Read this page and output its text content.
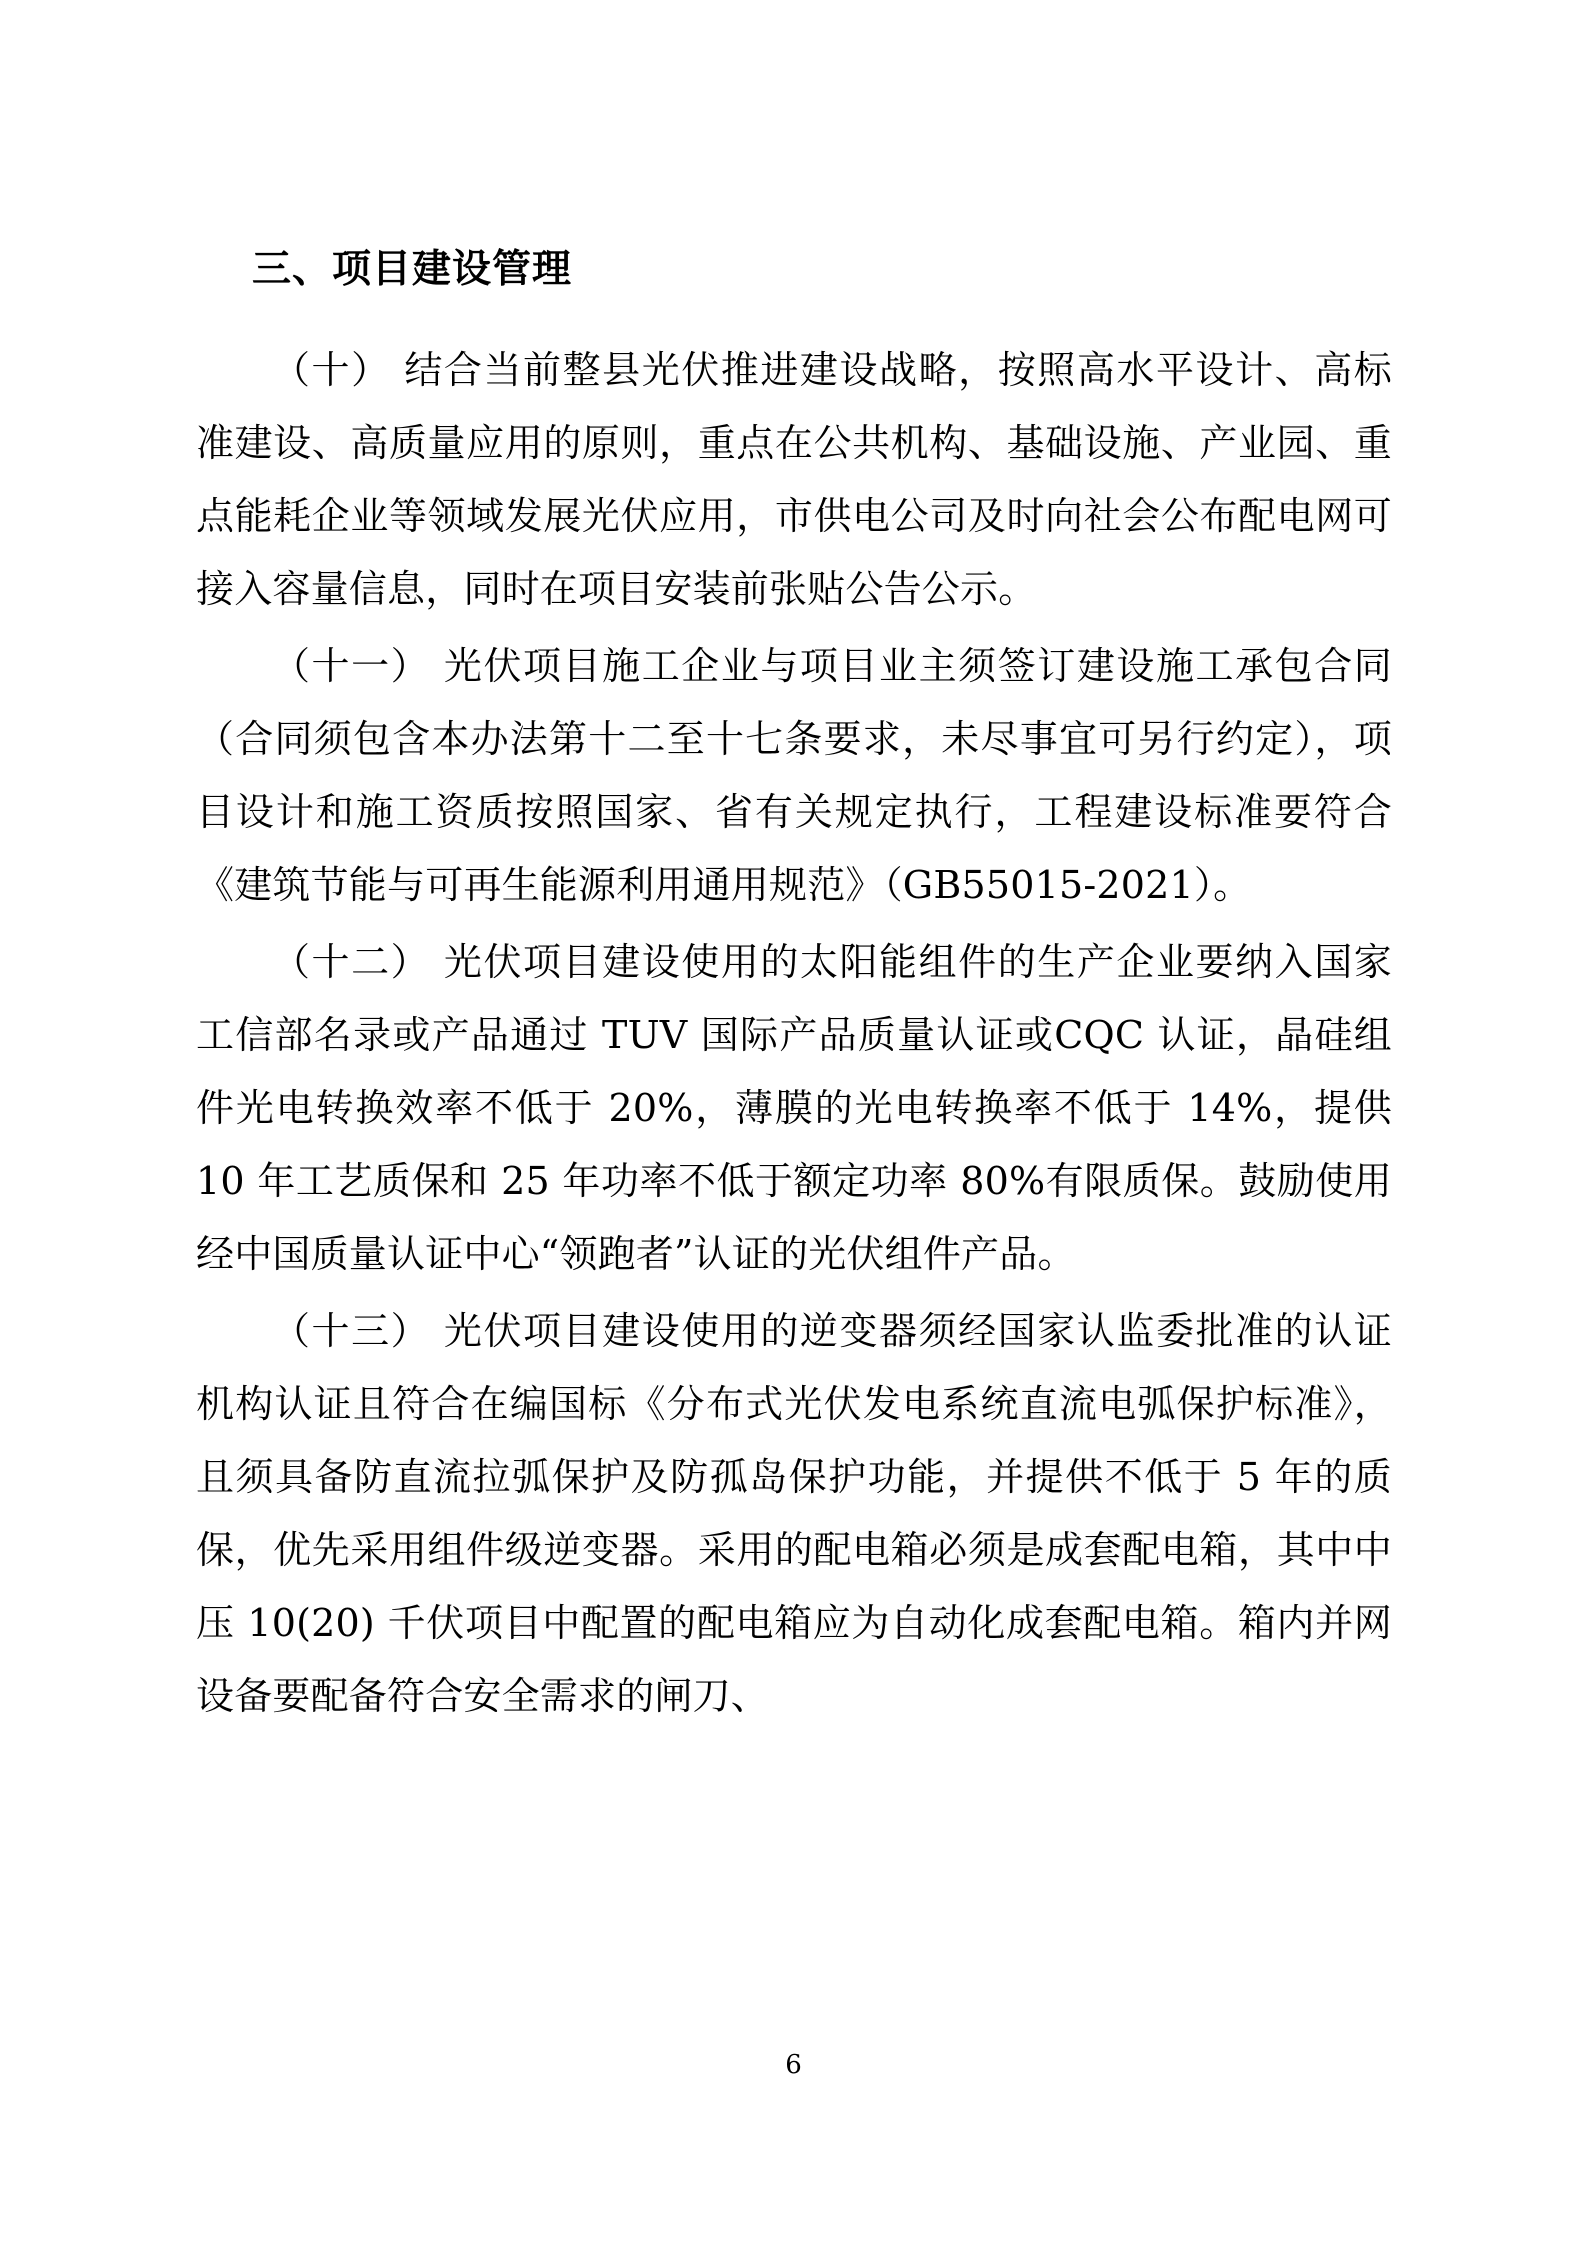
三、项目建设管理

（十） 结合当前整县光伏推进建设战略，按照高水平设计、高标准建设、高质量应用的原则，重点在公共机构、基础设施、产业园、重点能耗企业等领域发展光伏应用，市供电公司及时向社会公布配电网可接入容量信息，同时在项目安装前张贴公告公示。

（十一） 光伏项目施工企业与项目业主须签订建设施工承包合同（合同须包含本办法第十二至十七条要求，未尽事宜可另行约定），项目设计和施工资质按照国家、省有关规定执行，工程建设标准要符合《建筑节能与可再生能源利用通用规范》（GB55015-2021）。

（十二） 光伏项目建设使用的太阳能组件的生产企业要纳入国家工信部名录或产品通过 TUV 国际产品质量认证或CQC 认证，晶硅组件光电转换效率不低于 20%，薄膜的光电转换率不低于 14%，提供 10 年工艺质保和 25 年功率不低于额定功率 80%有限质保。鼓励使用经中国质量认证中心“领跑者”认证的光伏组件产品。

（十三） 光伏项目建设使用的逆变器须经国家认监委批准的认证机构认证且符合在编国标《分布式光伏发电系统直流电弧保护标准》，且须具备防直流拉弧保护及防孤岛保护功能，并提供不低于 5 年的质保，优先采用组件级逆变器。采用的配电箱必须是成套配电箱，其中中压 10(20) 千伏项目中配置的配电箱应为自动化成套配电箱。箱内并网设备要配备符合安全需求的闸刀、

6
